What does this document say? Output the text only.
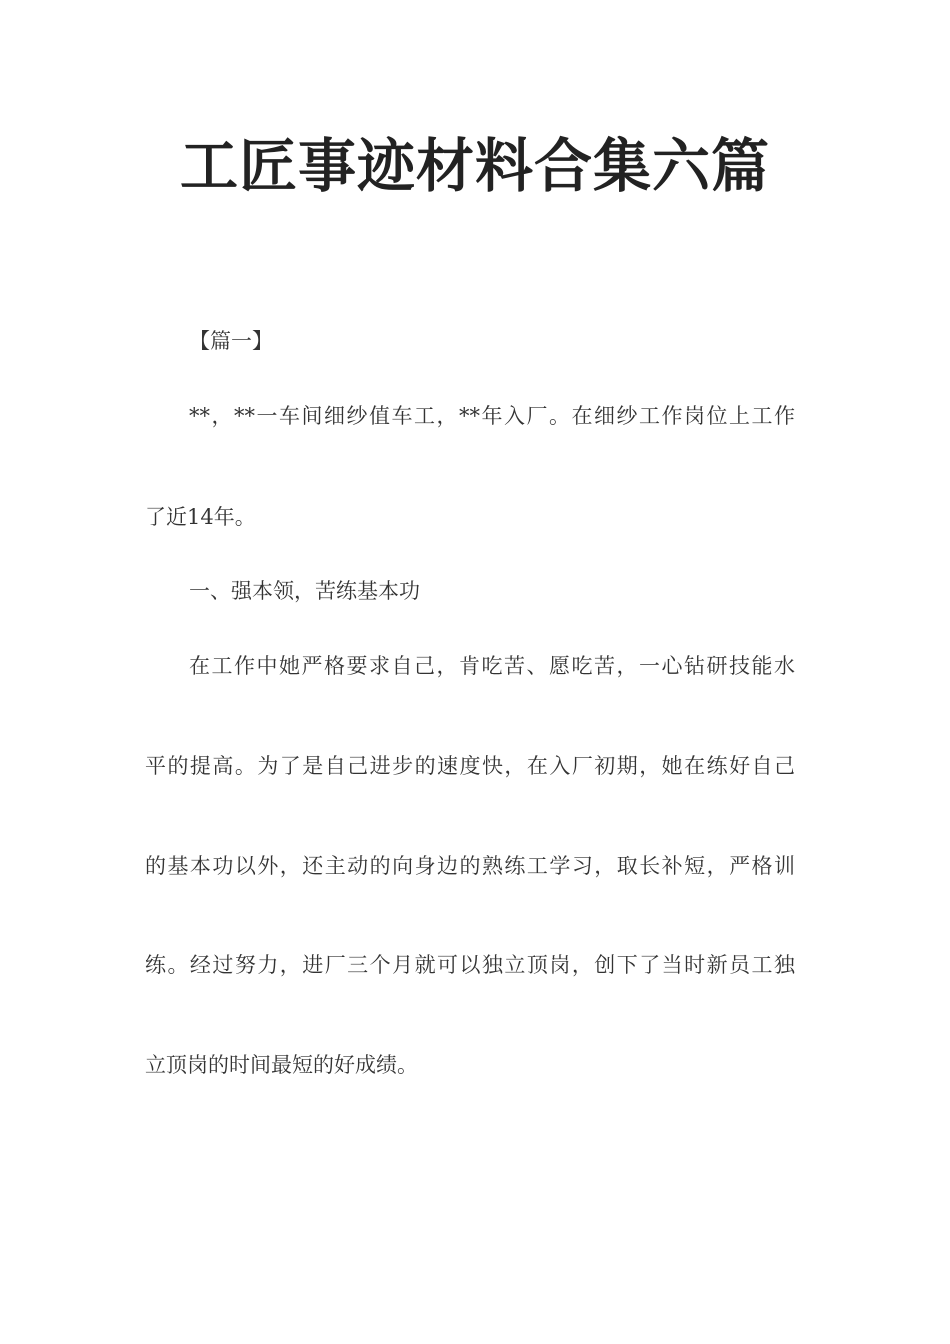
工匠事迹材料合集六篇

【篇一】

**，**一车间细纱值车工，**年入厂。在细纱工作岗位上工作

了近14年。

一、强本领，苦练基本功

在工作中她严格要求自己，肯吃苦、愿吃苦，一心钻研技能水

平的提高。为了是自己进步的速度快，在入厂初期，她在练好自己

的基本功以外，还主动的向身边的熟练工学习，取长补短，严格训

练。经过努力，进厂三个月就可以独立顶岗，创下了当时新员工独

立顶岗的时间最短的好成绩。
